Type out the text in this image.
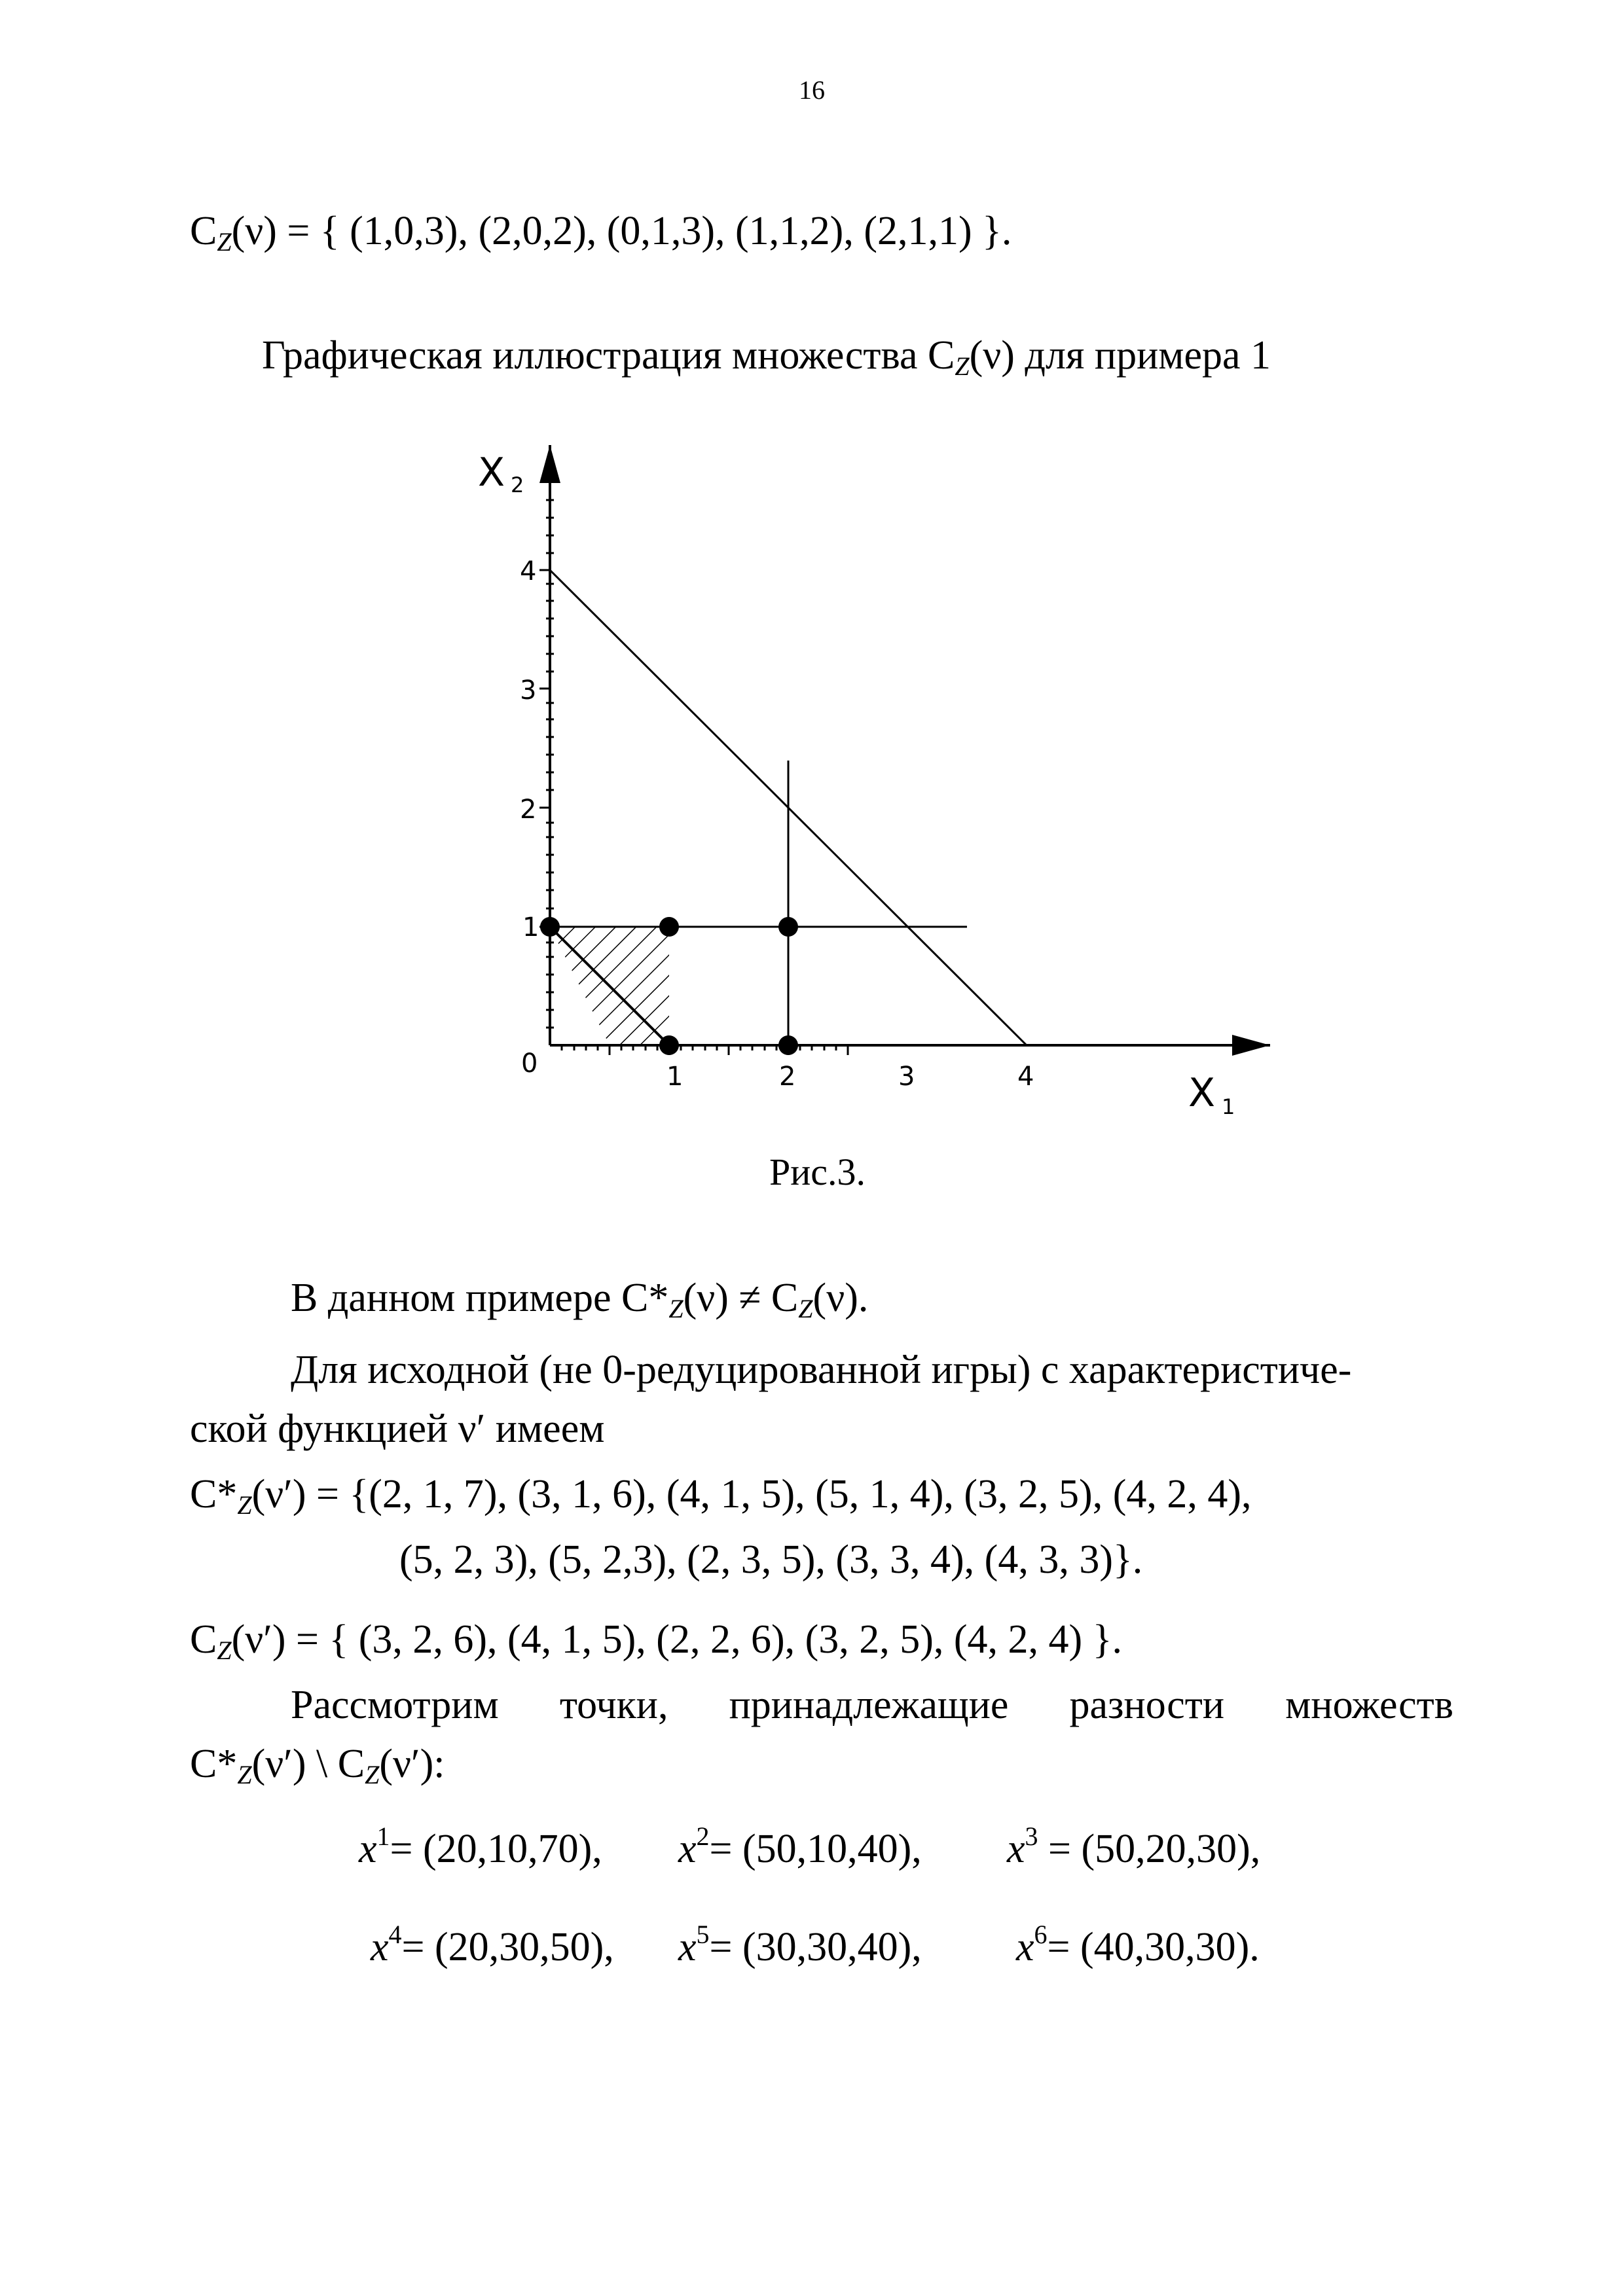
16
CZ(ν) = { (1,0,3), (2,0,2), (0,1,3), (1,1,2), (2,1,1) }.
Графическая иллюстрация множества CZ(ν) для примера 1
0	1	2	3	4
1
2
3
4
X 2
X 1
Рис.3.
В данном примере C*Z(ν) ≠ CZ(ν).
Для исходной (не 0-редуцированной игры) с характеристиче-
ской функцией ν′ имеем
C*Z(ν′) = {(2, 1, 7), (3, 1, 6), (4, 1, 5), (5, 1, 4), (3, 2, 5), (4, 2, 4),
(5, 2, 3), (5, 2,3), (2, 3, 5), (3, 3, 4), (4, 3, 3)}.
CZ(ν′) = { (3, 2, 6), (4, 1, 5), (2, 2, 6), (3, 2, 5), (4, 2, 4) }.
Рассмотрим точки, принадлежащие разности множеств
C*Z(ν′) \ CZ(ν′):
$x^1= (20,10,70)$, $x^2= (50,10,40)$, $x^3 = (50,20,30)$,
$x^4= (20,30,50)$, $x^5= (30,30,40)$, $x^6= (40,30,30)$.
